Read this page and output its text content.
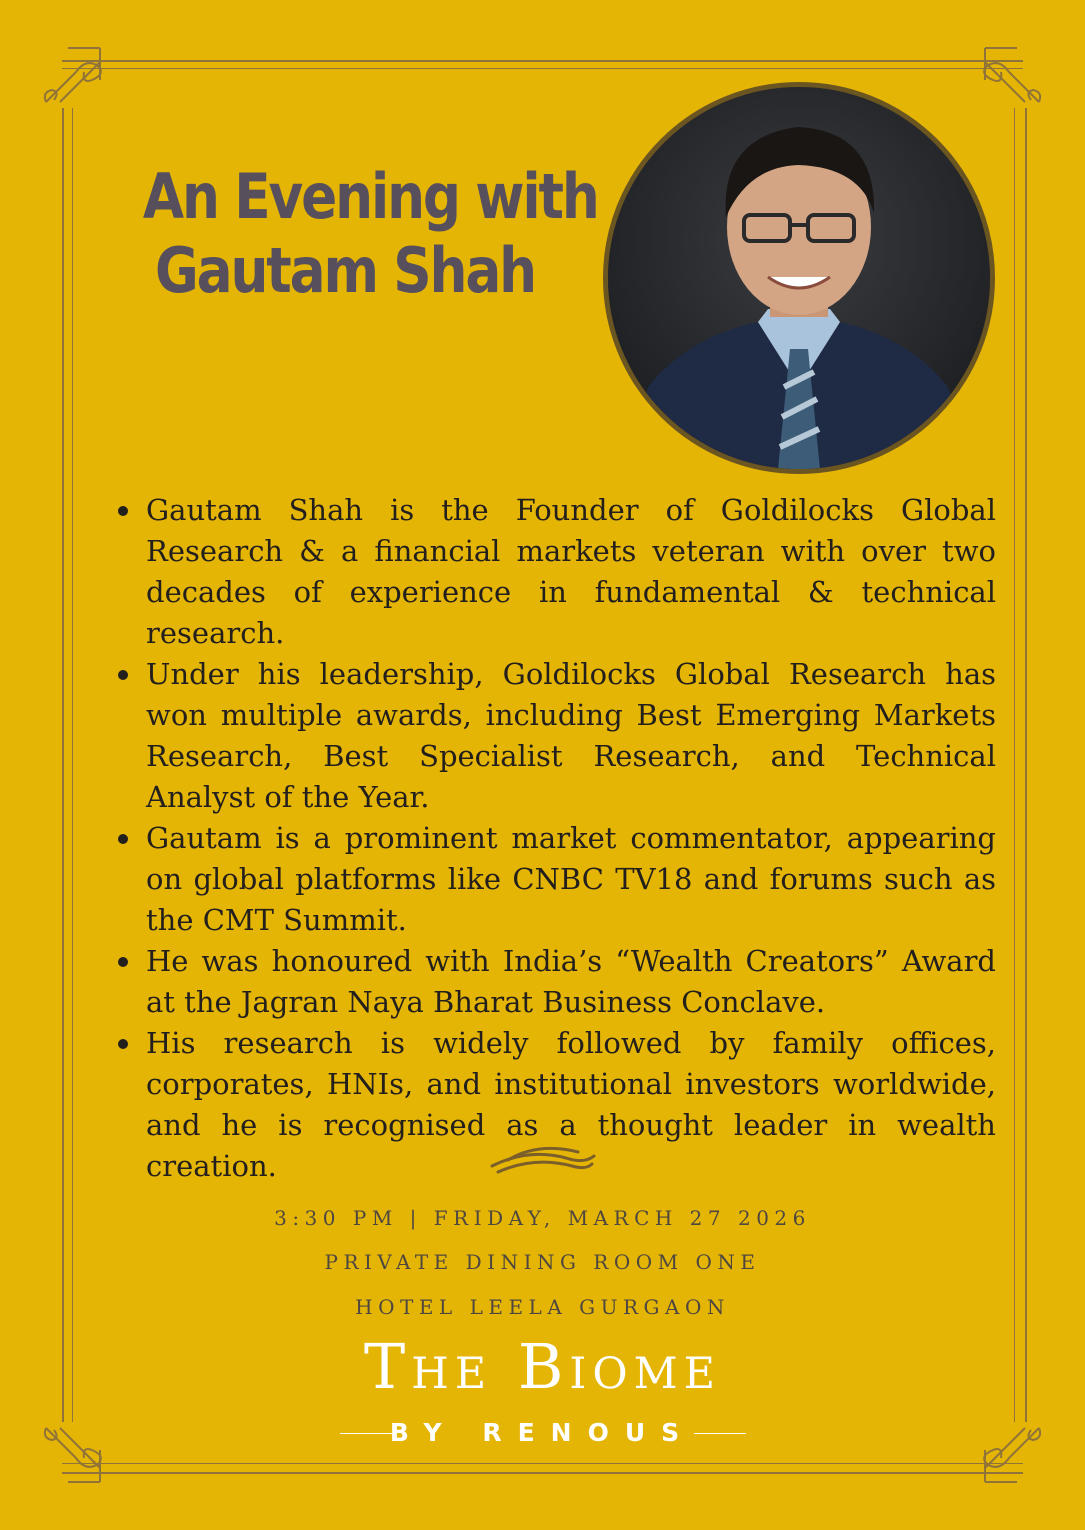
An Evening with
Gautam Shah
Gautam Shah is the Founder of Goldilocks Global Research & a financial markets veteran with over two decades of experience in fundamental & technical research.
Under his leadership, Goldilocks Global Research has won multiple awards, including Best Emerging Markets Research, Best Specialist Research, and Technical Analyst of the Year.
Gautam is a prominent market commentator, appearing on global platforms like CNBC TV18 and forums such as the CMT Summit.
He was honoured with India’s “Wealth Creators” Award at the Jagran Naya Bharat Business Conclave.
His research is widely followed by family offices, corporates, HNIs, and institutional investors worldwide, and he is recognised as a thought leader in wealth creation.
3:30 PM | FRIDAY, MARCH 27 2026
PRIVATE DINING ROOM ONE
HOTEL LEELA GURGAON
The Biome
BY RENOUS
